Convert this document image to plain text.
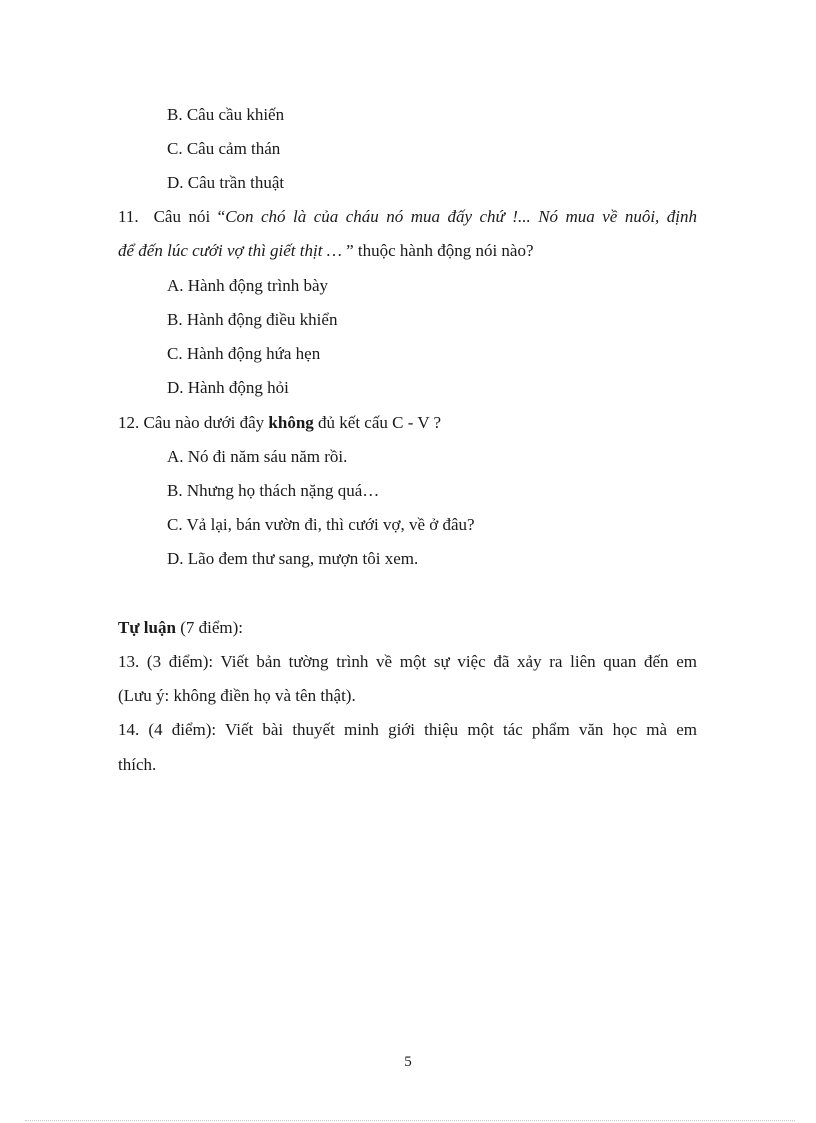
B. Câu cầu khiến
C. Câu cảm thán
D. Câu trần thuật
11. Câu nói “Con chó là của cháu nó mua đấy chứ !... Nó mua về nuôi, định
để đến lúc cưới vợ thì giết thịt … ” thuộc hành động nói nào?
A. Hành động trình bày
B. Hành động điều khiển
C. Hành động hứa hẹn
D. Hành động hỏi
12. Câu nào dưới đây không đủ kết cấu C - V ?
A. Nó đi năm sáu năm rồi.
B. Nhưng họ thách nặng quá…
C. Vả lại, bán vườn đi, thì cưới vợ, về ở đâu?
D. Lão đem thư sang, mượn tôi xem.
Tự luận (7 điểm):
13. (3 điểm): Viết bản tường trình về một sự việc đã xảy ra liên quan đến em
(Lưu ý: không điền họ và tên thật).
14. (4 điểm): Viết bài thuyết minh giới thiệu một tác phẩm văn học mà em
thích.
5
